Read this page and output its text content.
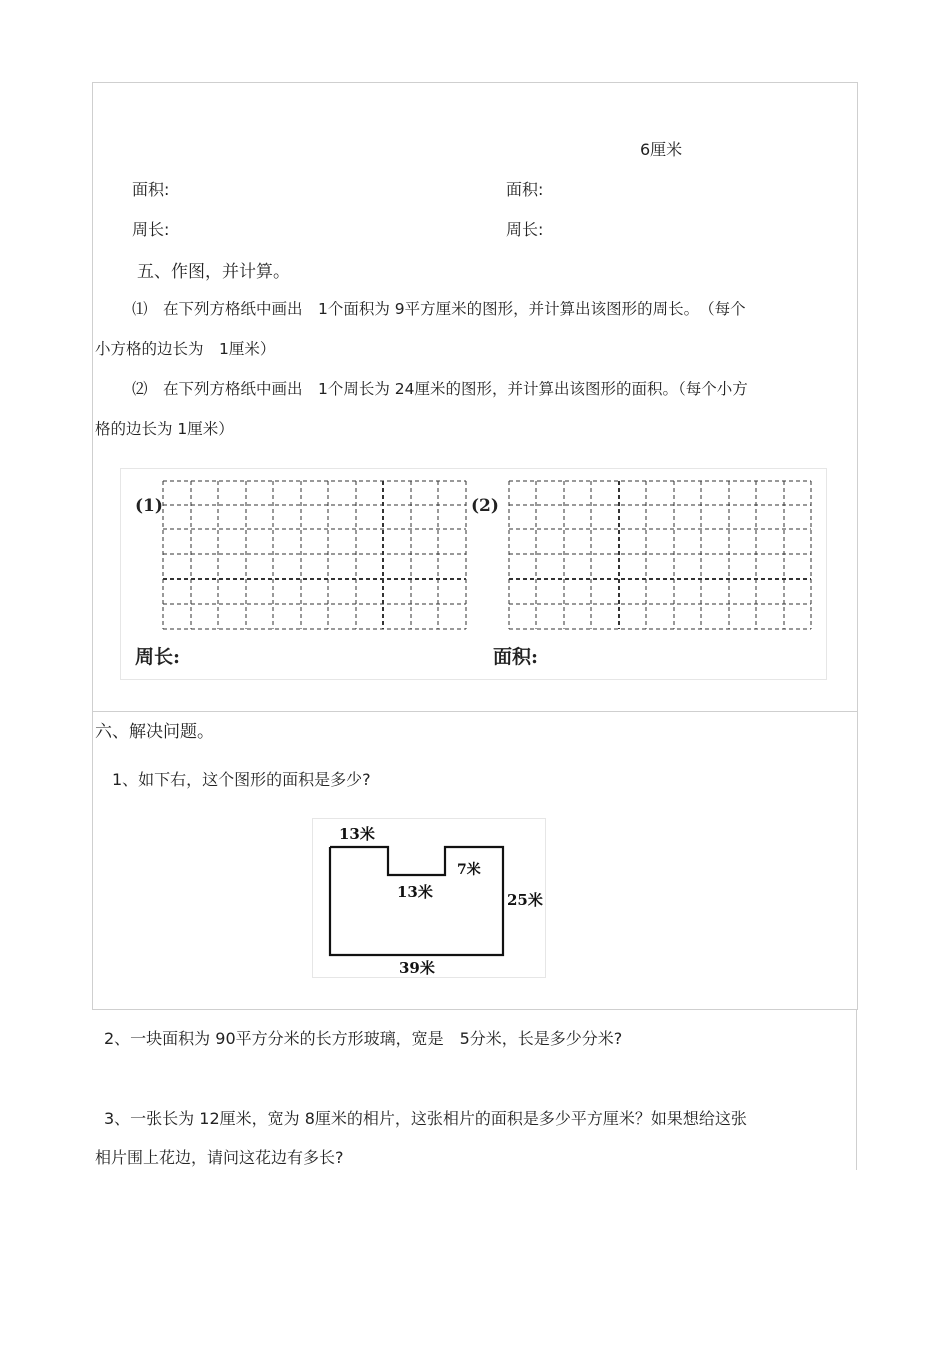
6厘米
面积:	面积:
周长:	周长:
五、作图，并计算。
⑴　在下列方格纸中画出　1个面积为 9平方厘米的图形，并计算出该图形的周长。　（每个
小方格的边长为　1厘米）
⑵　在下列方格纸中画出　1个周长为 24厘米的图形，并计算出该图形的面积。（每个小方
格的边长为 1厘米）
(1)	(2)
周长:	面积:
六、解决问题。
1、如下右，这个图形的面积是多少?
13米
13米
7米
25米
39米
2、一块面积为 90平方分米的长方形玻璃，宽是　5分米，长是多少分米?
3、一张长为 12厘米，宽为 8厘米的相片，这张相片的面积是多少平方厘米？如果想给这张
相片围上花边，请问这花边有多长?
